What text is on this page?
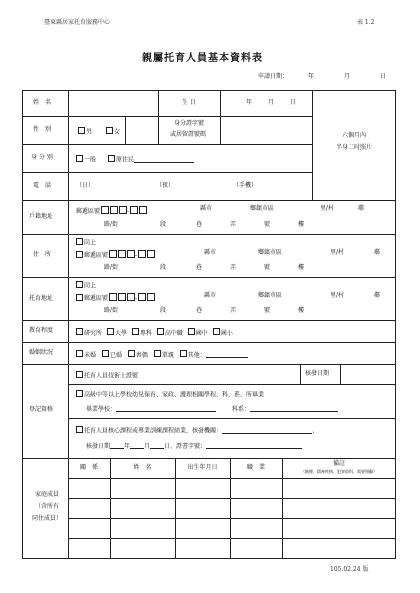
臺東縣居家托育服務中心	表 1.2
親屬托育人員基本資料表
申請日期：	年	月	日
姓　名	生 日	年	月	日
性　別	男	女
身分證字號
或居留證號碼	六個月內
半身二吋照片
身 分 別	一般	原住民
電　話	（日）	（夜）	（手機）
戶籍地址
郵遞區號	-	縣市	鄉鎮市區	里/村	鄰
路/街	段	巷	弄	號	樓
住　所
同上
郵遞區號	-	縣市	鄉鎮市區	里/村	鄰
路/街	段	巷	弄	號	樓
托育地址
同上
郵遞區號	-	縣市	鄉鎮市區	里/村	鄰
路/街	段	巷	弄	號	樓
教育程度	研究所 大學 專科 高中職 國中 國小
婚姻狀況	未婚 已婚 喪偶 單親 其他：
登記資格
托育人員技術士證號	核發日期
高級中等以上學校幼兒保育、家政、護理相關學程、科、系、所畢業
畢業學校：	科系：
托育人員核心課程或專業訓練課程結業，核發機關：	、
核發日期 年 月 日、證書字號：
家庭成員
（含所有
同住成員）
關　係	姓　名	出生年月日	職　業
備註
（抽煙、精神疾病、犯罪前科、需要照顧）
105.02.24 版
